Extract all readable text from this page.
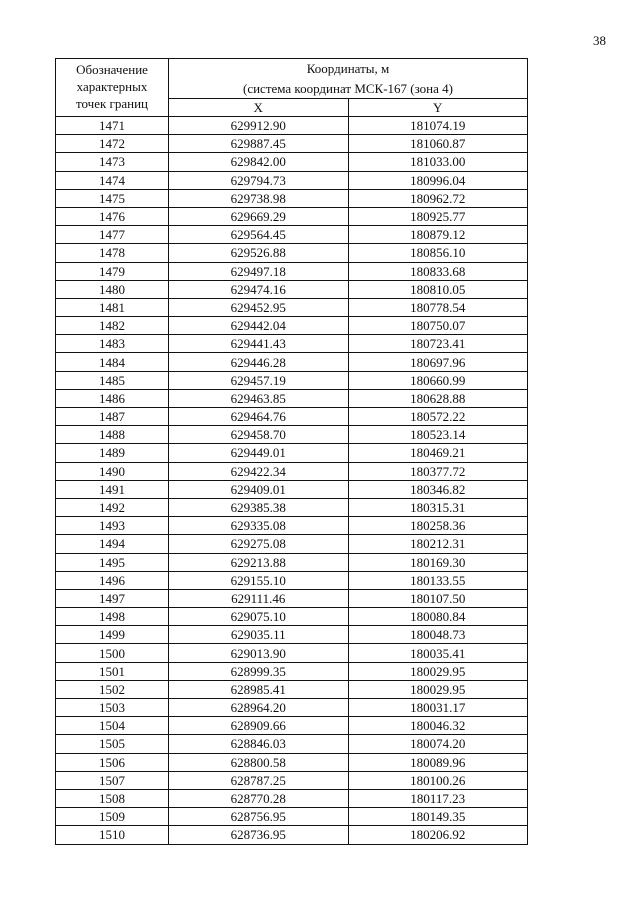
38
Обозначение
характерных
точек границ	Координаты, м
(система координат МСК-167 (зона 4)	

	X	Y
1471	629912.90	181074.19
1472	629887.45	181060.87
1473	629842.00	181033.00
1474	629794.73	180996.04
1475	629738.98	180962.72
1476	629669.29	180925.77
1477	629564.45	180879.12
1478	629526.88	180856.10
1479	629497.18	180833.68
1480	629474.16	180810.05
1481	629452.95	180778.54
1482	629442.04	180750.07
1483	629441.43	180723.41
1484	629446.28	180697.96
1485	629457.19	180660.99
1486	629463.85	180628.88
1487	629464.76	180572.22
1488	629458.70	180523.14
1489	629449.01	180469.21
1490	629422.34	180377.72
1491	629409.01	180346.82
1492	629385.38	180315.31
1493	629335.08	180258.36
1494	629275.08	180212.31
1495	629213.88	180169.30
1496	629155.10	180133.55
1497	629111.46	180107.50
1498	629075.10	180080.84
1499	629035.11	180048.73
1500	629013.90	180035.41
1501	628999.35	180029.95
1502	628985.41	180029.95
1503	628964.20	180031.17
1504	628909.66	180046.32
1505	628846.03	180074.20
1506	628800.58	180089.96
1507	628787.25	180100.26
1508	628770.28	180117.23
1509	628756.95	180149.35
1510	628736.95	180206.92
